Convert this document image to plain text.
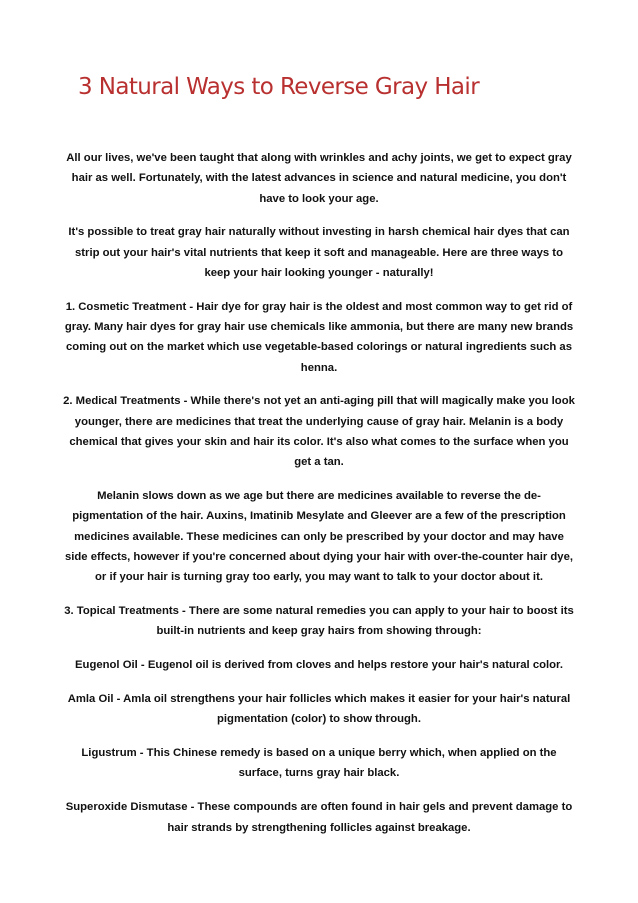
3 Natural Ways to Reverse Gray Hair

All our lives, we've been taught that along with wrinkles and achy joints, we get to expect gray hair as well. Fortunately, with the latest advances in science and natural medicine, you don't have to look your age.

It's possible to treat gray hair naturally without investing in harsh chemical hair dyes that can strip out your hair's vital nutrients that keep it soft and manageable. Here are three ways to keep your hair looking younger - naturally!

1. Cosmetic Treatment - Hair dye for gray hair is the oldest and most common way to get rid of gray. Many hair dyes for gray hair use chemicals like ammonia, but there are many new brands coming out on the market which use vegetable-based colorings or natural ingredients such as henna.

2. Medical Treatments - While there's not yet an anti-aging pill that will magically make you look younger, there are medicines that treat the underlying cause of gray hair. Melanin is a body chemical that gives your skin and hair its color. It's also what comes to the surface when you get a tan.

Melanin slows down as we age but there are medicines available to reverse the de-pigmentation of the hair. Auxins, Imatinib Mesylate and Gleever are a few of the prescription medicines available. These medicines can only be prescribed by your doctor and may have side effects, however if you're concerned about dying your hair with over-the-counter hair dye, or if your hair is turning gray too early, you may want to talk to your doctor about it.

3. Topical Treatments - There are some natural remedies you can apply to your hair to boost its built-in nutrients and keep gray hairs from showing through:

Eugenol Oil - Eugenol oil is derived from cloves and helps restore your hair's natural color.

Amla Oil - Amla oil strengthens your hair follicles which makes it easier for your hair's natural pigmentation (color) to show through.

Ligustrum - This Chinese remedy is based on a unique berry which, when applied on the surface, turns gray hair black.

Superoxide Dismutase - These compounds are often found in hair gels and prevent damage to hair strands by strengthening follicles against breakage.
